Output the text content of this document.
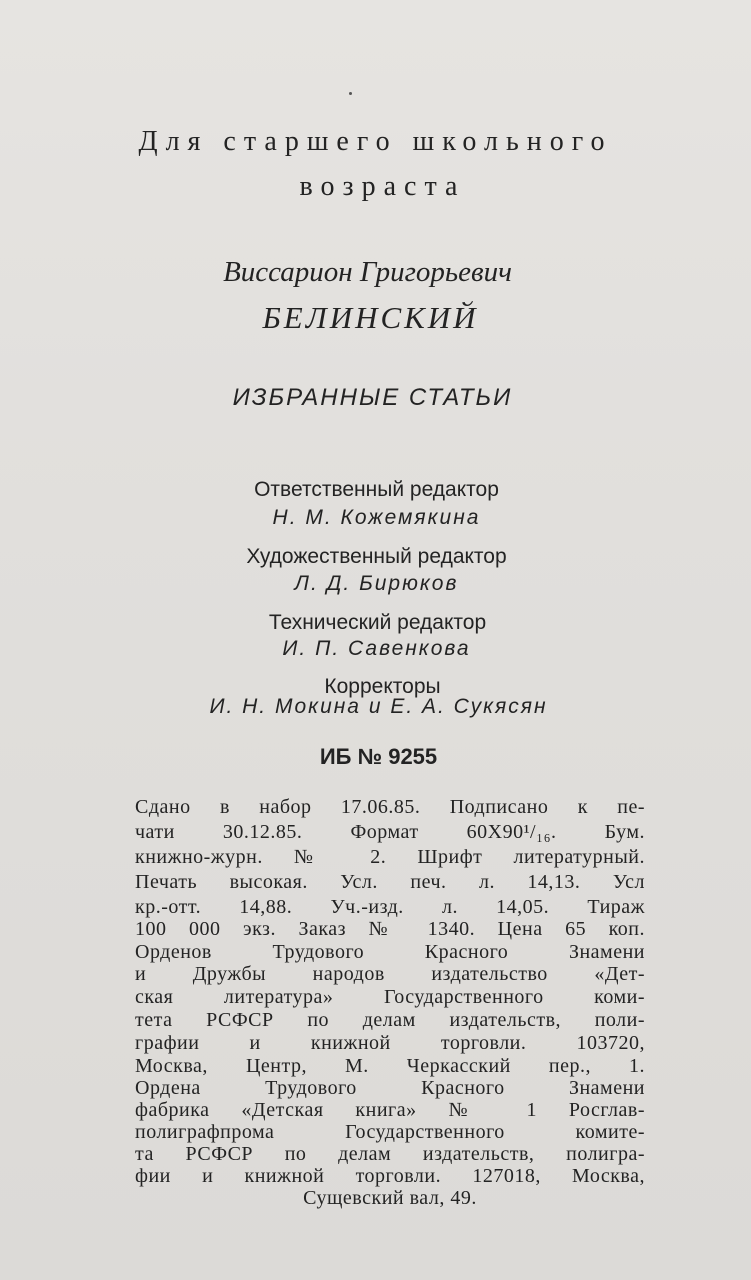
Для старшего школьного
возраста
Виссарион Григорьевич
БЕЛИНСКИЙ
ИЗБРАННЫЕ СТАТЬИ
Ответственный редактор
Н. М. Кожемякина
Художественный редактор
Л. Д. Бирюков
Технический редактор
И. П. Савенкова
Корректоры
И. Н. Мокина и Е. А. Сукясян
ИБ № 9255
Сдано в набор 17.06.85. Подписано к пе-
чати 30.12.85. Формат 60Х90¹/₁₆. Бум.
книжно-журн. № 2. Шрифт литературный.
Печать высокая. Усл. печ. л. 14,13. Усл
кр.-отт. 14,88. Уч.-изд. л. 14,05. Тираж
100 000 экз. Заказ № 1340. Цена 65 коп.
Орденов Трудового Красного Знамени
и Дружбы народов издательство «Дет-
ская литература» Государственного коми-
тета РСФСР по делам издательств, поли-
графии и книжной торговли. 103720,
Москва, Центр, М. Черкасский пер., 1.
Ордена Трудового Красного Знамени
фабрика «Детская книга» № 1 Росглав-
полиграфпрома Государственного комите-
та РСФСР по делам издательств, полигра-
фии и книжной торговли. 127018, Москва,
Сущевский вал, 49.
